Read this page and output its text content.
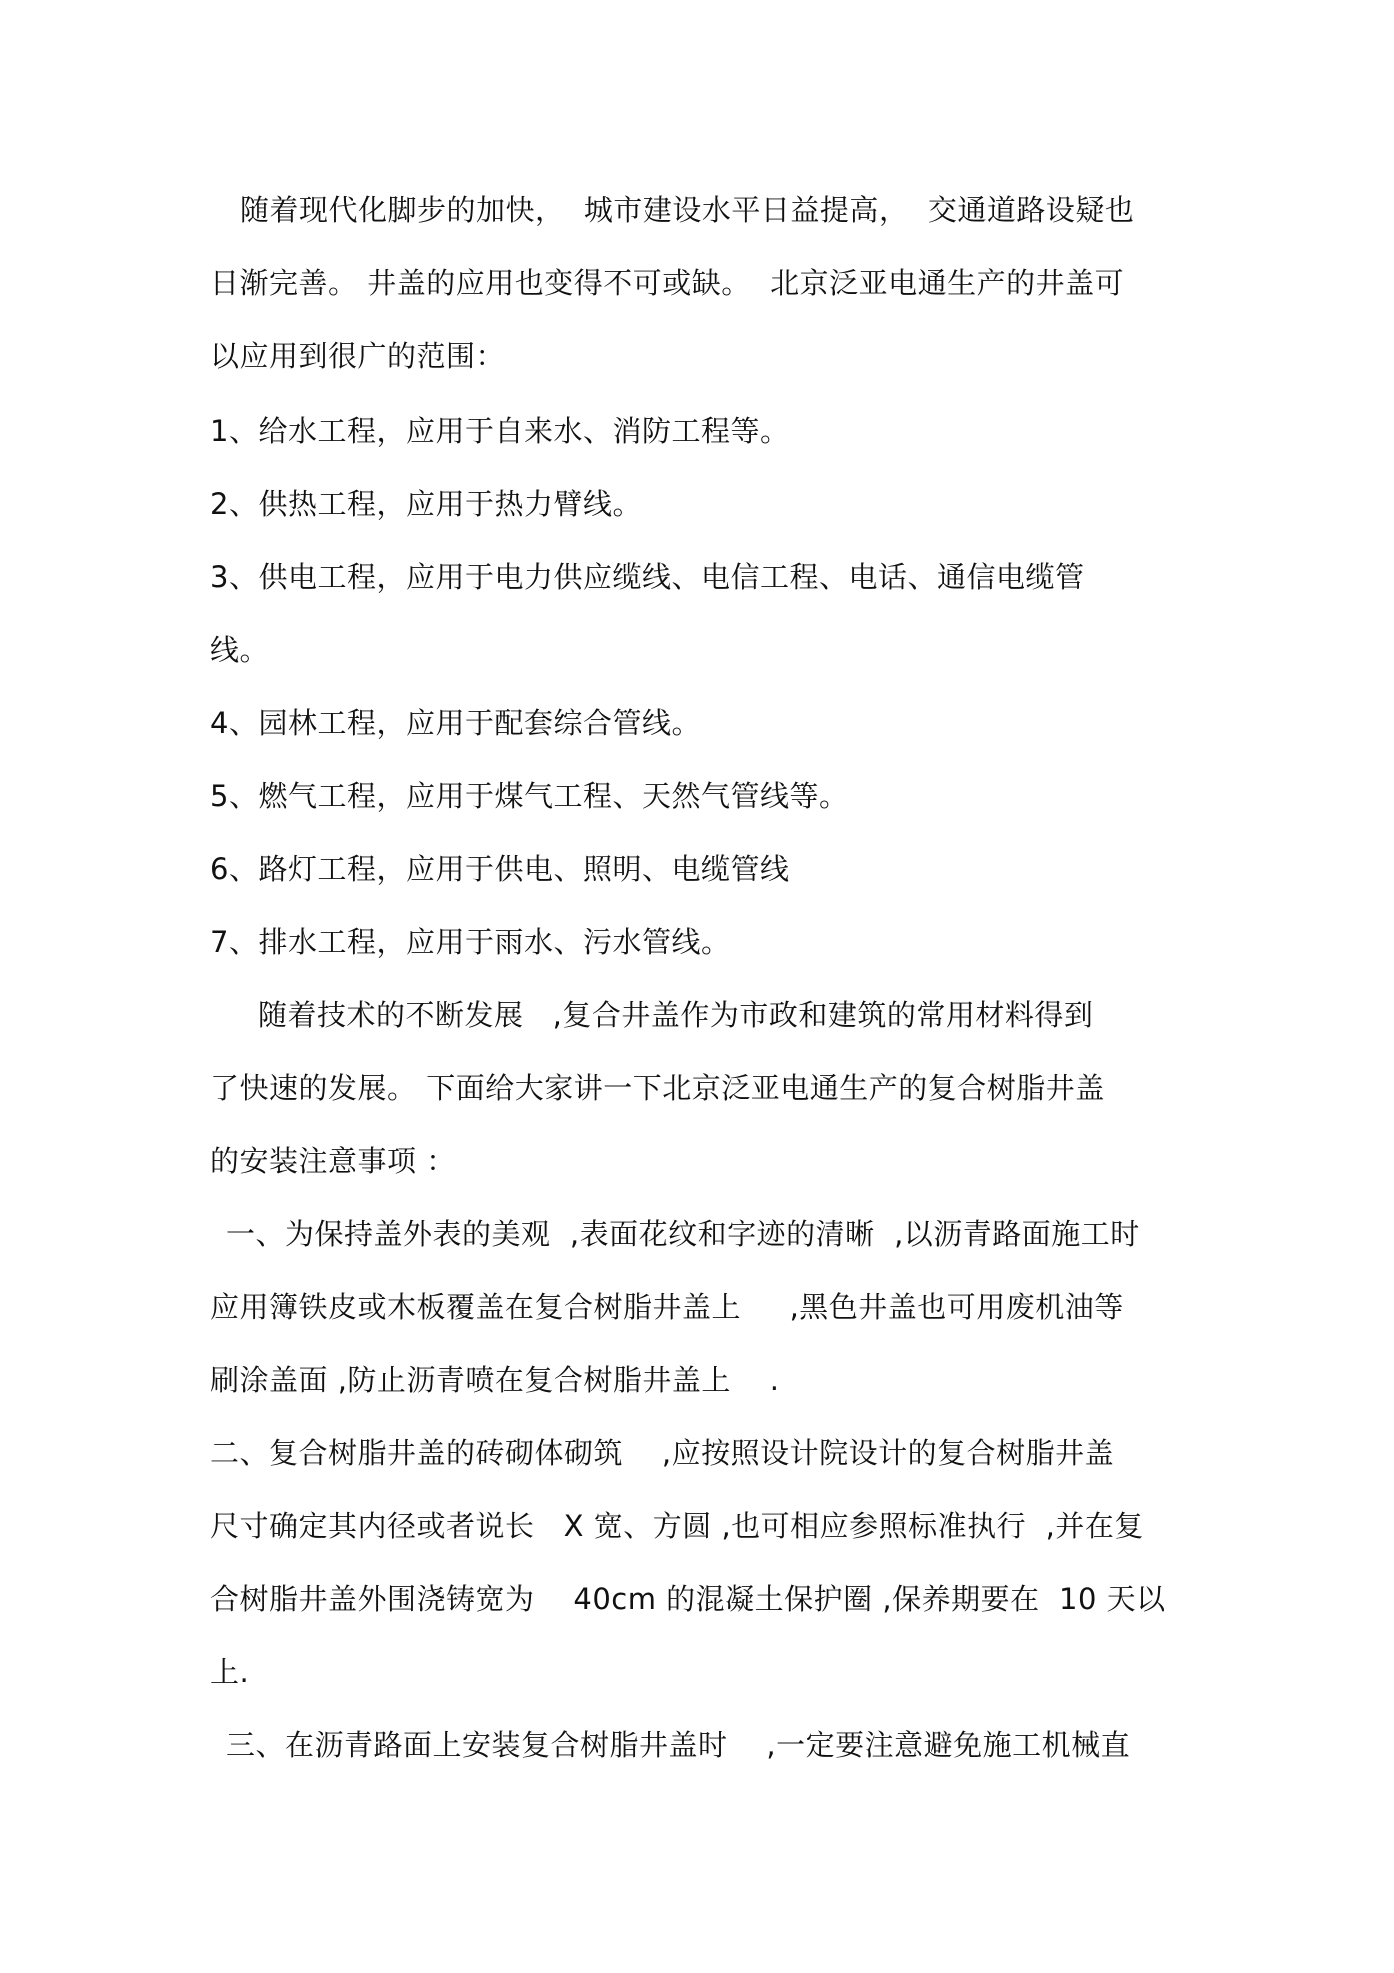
随着现代化脚步的加快，  城市建设水平日益提高，  交通道路设疑也
日渐完善。 井盖的应用也变得不可或缺。  北京泛亚电通生产的井盖可
以应用到很广的范围：
1、给水工程，应用于自来水、消防工程等。
2、供热工程，应用于热力臂线。
3、供电工程，应用于电力供应缆线、电信工程、电话、通信电缆管
线。
4、园林工程，应用于配套综合管线。
5、燃气工程，应用于煤气工程、天然气管线等。
6、路灯工程，应用于供电、照明、电缆管线
7、排水工程，应用于雨水、污水管线。
随着技术的不断发展   ,复合井盖作为市政和建筑的常用材料得到
了快速的发展。 下面给大家讲一下北京泛亚电通生产的复合树脂井盖
的安装注意事项 ：
一、为保持盖外表的美观  ,表面花纹和字迹的清晰  ,以沥青路面施工时
应用簿铁皮或木板覆盖在复合树脂井盖上     ,黑色井盖也可用废机油等
刷涂盖面 ,防止沥青喷在复合树脂井盖上    .
二、复合树脂井盖的砖砌体砌筑    ,应按照设计院设计的复合树脂井盖
尺寸确定其内径或者说长   X 宽、方圆 ,也可相应参照标准执行  ,并在复
合树脂井盖外围浇铸宽为    40cm 的混凝土保护圈 ,保养期要在  10 天以
上.
三、在沥青路面上安装复合树脂井盖时    ,一定要注意避免施工机械直
